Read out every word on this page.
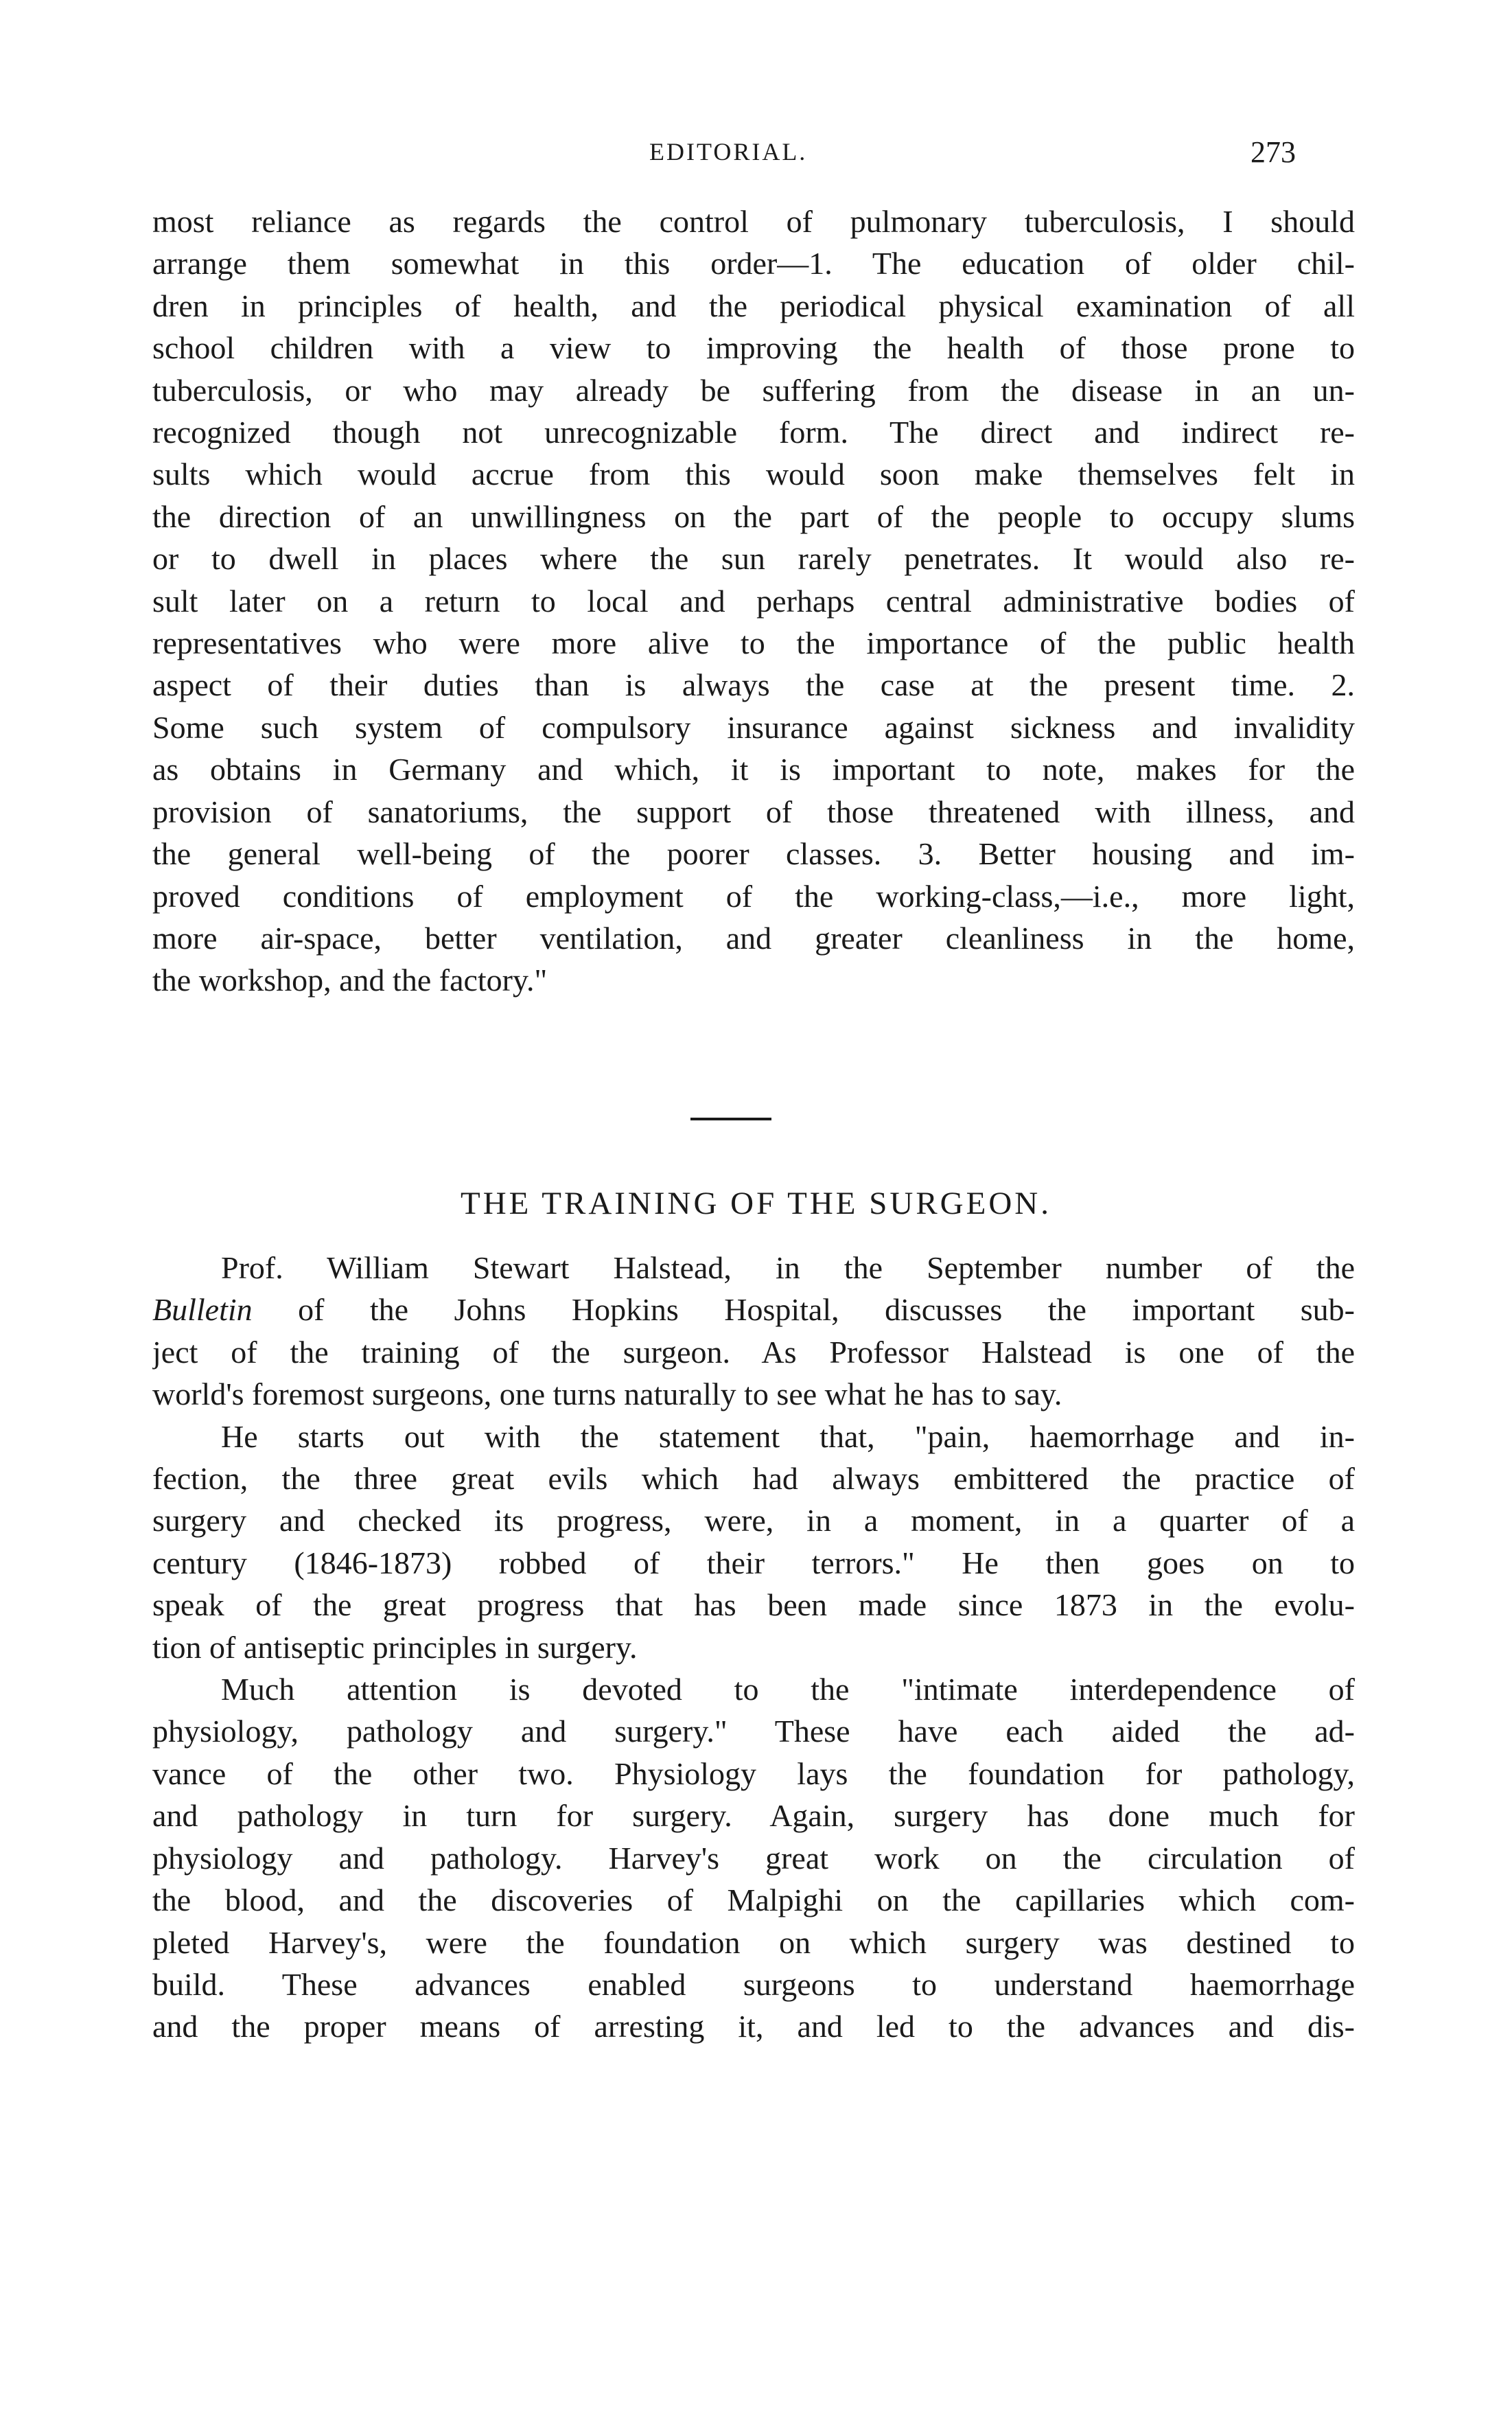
EDITORIAL.	273
most reliance as regards the control of pulmonary tuberculosis, I should
arrange them somewhat in this order—1. The education of older chil-
dren in principles of health, and the periodical physical examination of all
school children with a view to improving the health of those prone to
tuberculosis, or who may already be suffering from the disease in an un-
recognized though not unrecognizable form. The direct and indirect re-
sults which would accrue from this would soon make themselves felt in
the direction of an unwillingness on the part of the people to occupy slums
or to dwell in places where the sun rarely penetrates. It would also re-
sult later on a return to local and perhaps central administrative bodies of
representatives who were more alive to the importance of the public health
aspect of their duties than is always the case at the present time. 2.
Some such system of compulsory insurance against sickness and invalidity
as obtains in Germany and which, it is important to note, makes for the
provision of sanatoriums, the support of those threatened with illness, and
the general well-being of the poorer classes. 3. Better housing and im-
proved conditions of employment of the working-class,—i.e., more light,
more air-space, better ventilation, and greater cleanliness in the home,
the workshop, and the factory."
THE TRAINING OF THE SURGEON.
Prof. William Stewart Halstead, in the September number of the
Bulletin of the Johns Hopkins Hospital, discusses the important sub-
ject of the training of the surgeon. As Professor Halstead is one of the
world's foremost surgeons, one turns naturally to see what he has to say.
He starts out with the statement that, "pain, haemorrhage and in-
fection, the three great evils which had always embittered the practice of
surgery and checked its progress, were, in a moment, in a quarter of a
century (1846-1873) robbed of their terrors." He then goes on to
speak of the great progress that has been made since 1873 in the evolu-
tion of antiseptic principles in surgery.
Much attention is devoted to the "intimate interdependence of
physiology, pathology and surgery." These have each aided the ad-
vance of the other two. Physiology lays the foundation for pathology,
and pathology in turn for surgery. Again, surgery has done much for
physiology and pathology. Harvey's great work on the circulation of
the blood, and the discoveries of Malpighi on the capillaries which com-
pleted Harvey's, were the foundation on which surgery was destined to
build. These advances enabled surgeons to understand haemorrhage
and the proper means of arresting it, and led to the advances and dis-
